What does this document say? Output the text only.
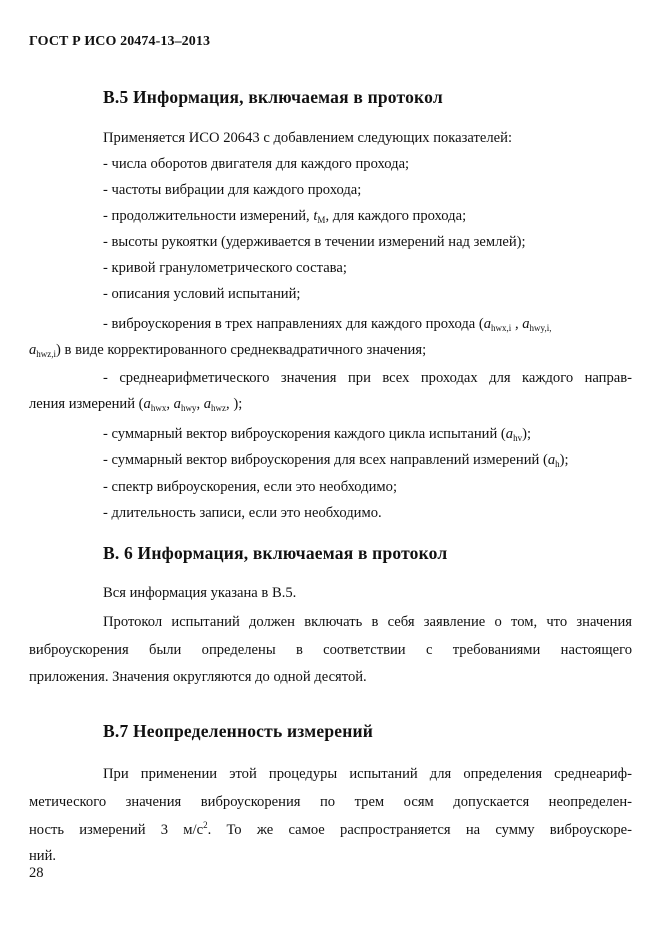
ГОСТ Р ИСО 20474-13–2013
В.5 Информация, включаемая в протокол
Применяется ИСО 20643 с добавлением следующих показателей:
- числа оборотов двигателя для каждого прохода;
- частоты вибрации для каждого прохода;
- продолжительности измерений, $t_M$, для каждого прохода;
- высоты рукоятки (удерживается в течении измерений над землей);
- кривой гранулометрического состава;
- описания условий испытаний;
- виброускорения в трех направлениях для каждого прохода ($a_{hwx,i}$ , $a_{hwy,i,}$
$a_{hwz,i}$) в виде корректированного среднеквадратичного значения;
- среднеарифметического значения при всех проходах для каждого направ-
ления измерений ($a_{hwx}$, $a_{hwy}$, $a_{hwz}$, );
- суммарный вектор виброускорения каждого цикла испытаний $(a_{hv})$;
- суммарный вектор виброускорения для всех направлений измерений $(a_h)$;
- спектр виброускорения, если это необходимо;
- длительность записи, если это необходимо.
В. 6 Информация, включаемая в протокол
Вся информация указана в В.5.
Протокол испытаний должен включать в себя заявление о том, что значения
виброускорения были определены в соответствии с требованиями настоящего
приложения. Значения округляются до одной десятой.
В.7 Неопределенность измерений
При применении этой процедуры испытаний для определения среднеариф-
метического значения виброускорения по трем осям допускается неопределен-
ность измерений 3 $м/с^2$. То же самое распространяется на сумму виброускоре-
ний.
28
